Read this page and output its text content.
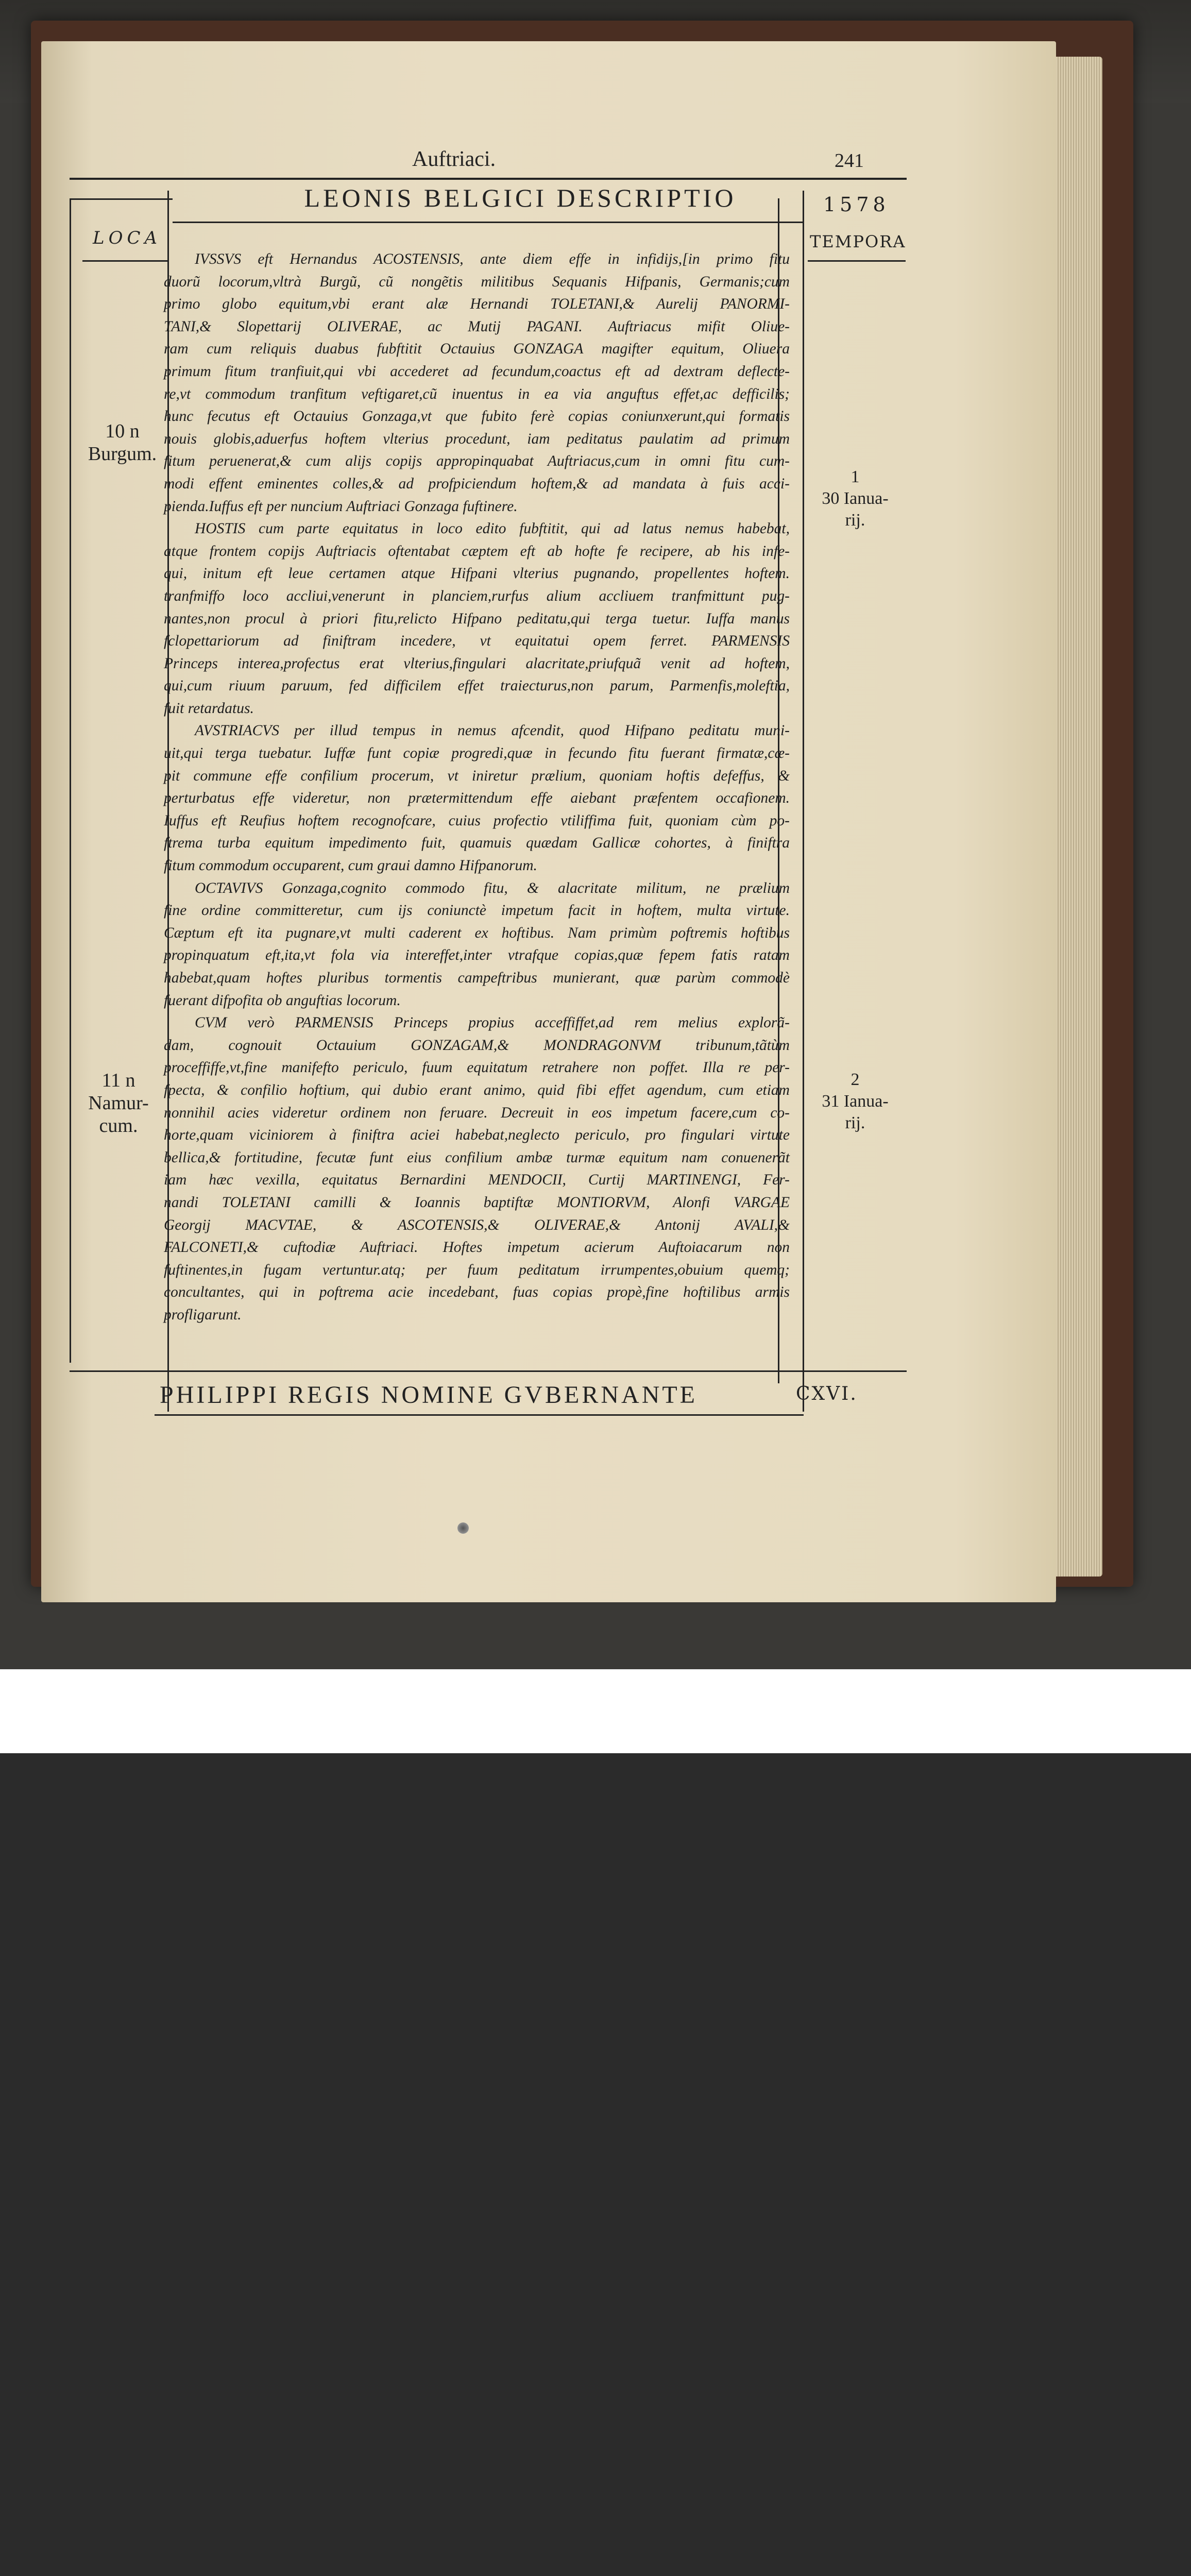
Auftriaci.	241
LEONIS BELGICI DESCRIPTIO	1578
LOCA	TEMPORA
IVSSVS eft Hernandus ACOSTENSIS, ante diem effe in infidijs,[in primo fitu
duorũ locorum,vltrà Burgũ, cũ nongẽtis militibus Sequanis Hifpanis, Germanis;cum
primo globo equitum,vbi erant alæ Hernandi TOLETANI,& Aurelij PANORMI-
TANI,& Slopettarij OLIVERAE, ac Mutij PAGANI. Auftriacus mifit Oliue-
ram cum reliquis duabus fubftitit Octauius GONZAGA magifter equitum, Oliuera
primum fitum tranfiuit,qui vbi accederet ad fecundum,coactus eft ad dextram deflecte-
re,vt commodum tranfitum veftigaret,cũ inuentus in ea via anguftus effet,ac defficilis;
hunc fecutus eft Octauius Gonzaga,vt que fubito ferè copias coniunxerunt,qui formatis
nouis globis,aduerfus hoftem vlterius procedunt, iam peditatus paulatim ad primum
fitum peruenerat,& cum alijs copijs appropinquabat Auftriacus,cum in omni fitu cum-
modi effent eminentes colles,& ad profpiciendum hoftem,& ad mandata à fuis acci-
pienda.Iuffus eft per nuncium Auftriaci Gonzaga fuftinere.
HOSTIS cum parte equitatus in loco edito fubftitit, qui ad latus nemus habebat,
atque frontem copijs Auftriacis oftentabat cæptem eft ab hofte fe recipere, ab his infe-
qui, initum eft leue certamen atque Hifpani vlterius pugnando, propellentes hoftem.
tranfmiffo loco accliui,venerunt in planciem,rurfus alium accliuem tranfmittunt pug-
nantes,non procul à priori fitu,relicto Hifpano peditatu,qui terga tuetur. Iuffa manus
fclopettariorum ad finiftram incedere, vt equitatui opem ferret. PARMENSIS
Princeps interea,profectus erat vlterius,fingulari alacritate,priufquã venit ad hoftem,
qui,cum riuum paruum, fed difficilem effet traiecturus,non parum, Parmenfis,moleftia,
fuit retardatus.
AVSTRIACVS per illud tempus in nemus afcendit, quod Hifpano peditatu muni-
uit,qui terga tuebatur. Iuffæ funt copiæ progredi,quæ in fecundo fitu fuerant firmatæ,cæ-
pit commune effe confilium procerum, vt iniretur prælium, quoniam hoftis defeffus, &
perturbatus effe videretur, non prætermittendum effe aiebant præfentem occafionem.
Iuffus eft Reufius hoftem recognofcare, cuius profectio vtiliffima fuit, quoniam cùm po-
ftrema turba equitum impedimento fuit, quamuis quædam Gallicæ cohortes, à finiftra
fitum commodum occuparent, cum graui damno Hifpanorum.
OCTAVIVS Gonzaga,cognito commodo fitu, & alacritate militum, ne prælium
fine ordine committeretur, cum ijs coniunctè impetum facit in hoftem, multa virtute.
Cæptum eft ita pugnare,vt multi caderent ex hoftibus. Nam primùm poftremis hoftibus
propinquatum eft,ita,vt fola via intereffet,inter vtrafque copias,quæ fepem fatis ratam
habebat,quam hoftes pluribus tormentis campeftribus munierant, quæ parùm commodè
fuerant difpofita ob anguftias locorum.
CVM verò PARMENSIS Princeps propius acceffiffet,ad rem melius explorã-
dam, cognouit Octauium GONZAGAM,& MONDRAGONVM tribunum,tãtùm
proceffiffe,vt,fine manifefto periculo, fuum equitatum retrahere non poffet. Illa re per-
fpecta, & confilio hoftium, qui dubio erant animo, quid fibi effet agendum, cum etiam
nonnihil acies videretur ordinem non feruare. Decreuit in eos impetum facere,cum co-
horte,quam viciniorem à finiftra aciei habebat,neglecto periculo, pro fingulari virtute
bellica,& fortitudine, fecutæ funt eius confilium ambæ turmæ equitum nam conuenerãt
iam hæc vexilla, equitatus Bernardini MENDOCII, Curtij MARTINENGI, Fer-
nandi TOLETANI camilli & Ioannis baptiftæ MONTIORVM, Alonfi VARGAE
Georgij MACVTAE, & ASCOTENSIS,& OLIVERAE,& Antonij AVALI,&
FALCONETI,& cuftodiæ Auftriaci. Hoftes impetum acierum Auftoiacarum non
fuftinentes,in fugam vertuntur.atq; per fuum peditatum irrumpentes,obuium quemq;
concultantes, qui in poftrema acie incedebant, fuas copias propè,fine hoftilibus armis
profligarunt.
10 n
Burgum.
11 n
Namur-
cum.
1
30 Ianua-
rij.
2
31 Ianua-
rij.
PHILIPPI REGIS NOMINE GVBERNANTE	CXVI.
